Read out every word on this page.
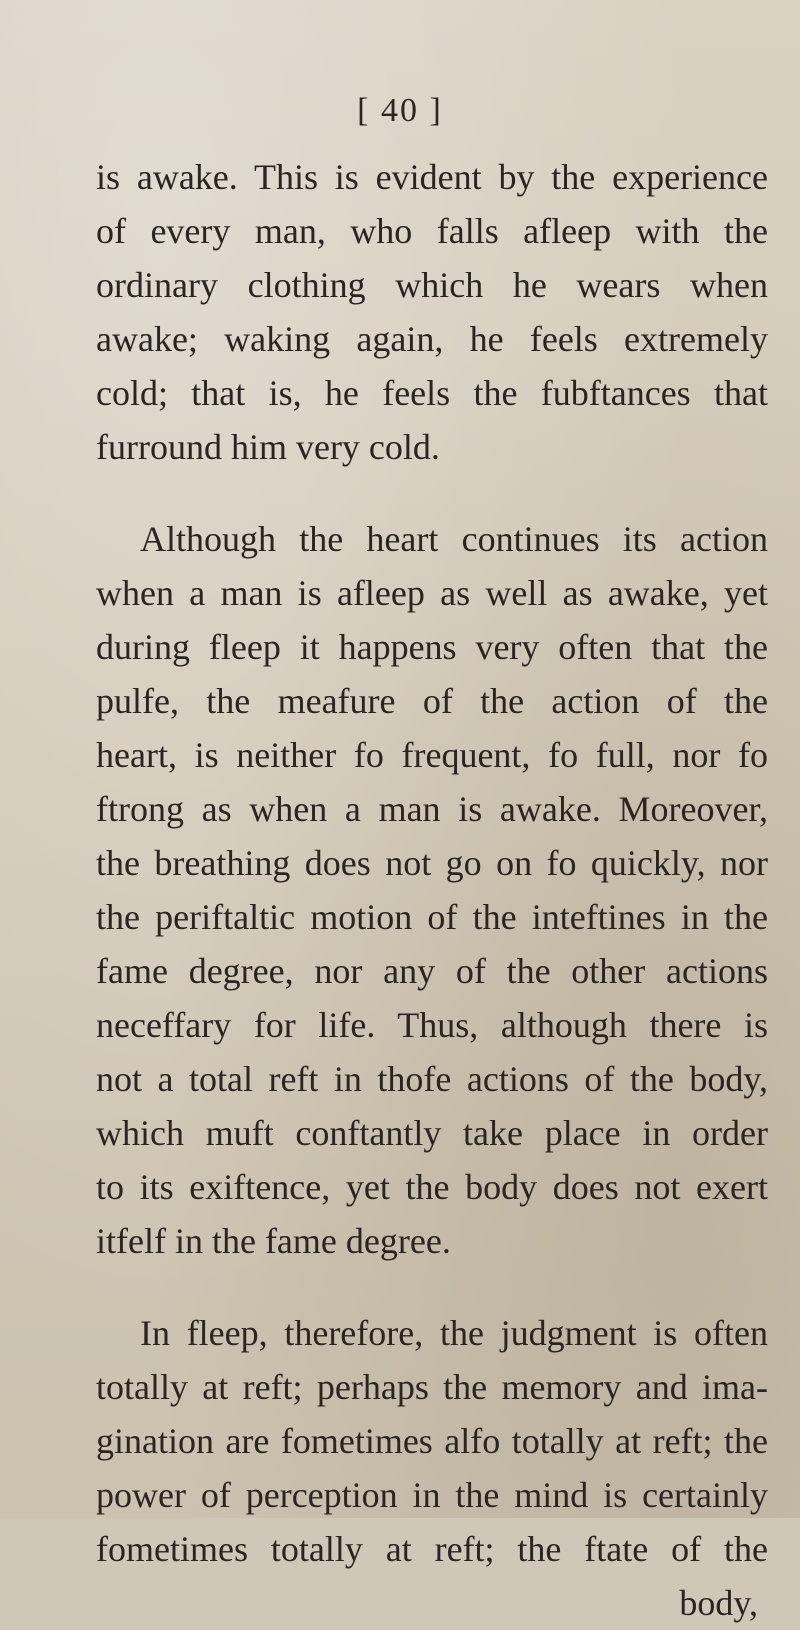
[ 40 ]
is awake. This is evident by the experience
of every man, who falls afleep with the
ordinary clothing which he wears when
awake; waking again, he feels extremely
cold; that is, he feels the fubftances that
furround him very cold.
Although the heart continues its action
when a man is afleep as well as awake, yet
during fleep it happens very often that the
pulfe, the meafure of the action of the
heart, is neither fo frequent, fo full, nor fo
ftrong as when a man is awake. Moreover,
the breathing does not go on fo quickly, nor
the periftaltic motion of the inteftines in the
fame degree, nor any of the other actions
neceffary for life. Thus, although there is
not a total reft in thofe actions of the body,
which muft conftantly take place in order
to its exiftence, yet the body does not exert
itfelf in the fame degree.
In fleep, therefore, the judgment is often
totally at reft; perhaps the memory and ima-
gination are fometimes alfo totally at reft; the
power of perception in the mind is certainly
fometimes totally at reft; the ftate of the
body,
